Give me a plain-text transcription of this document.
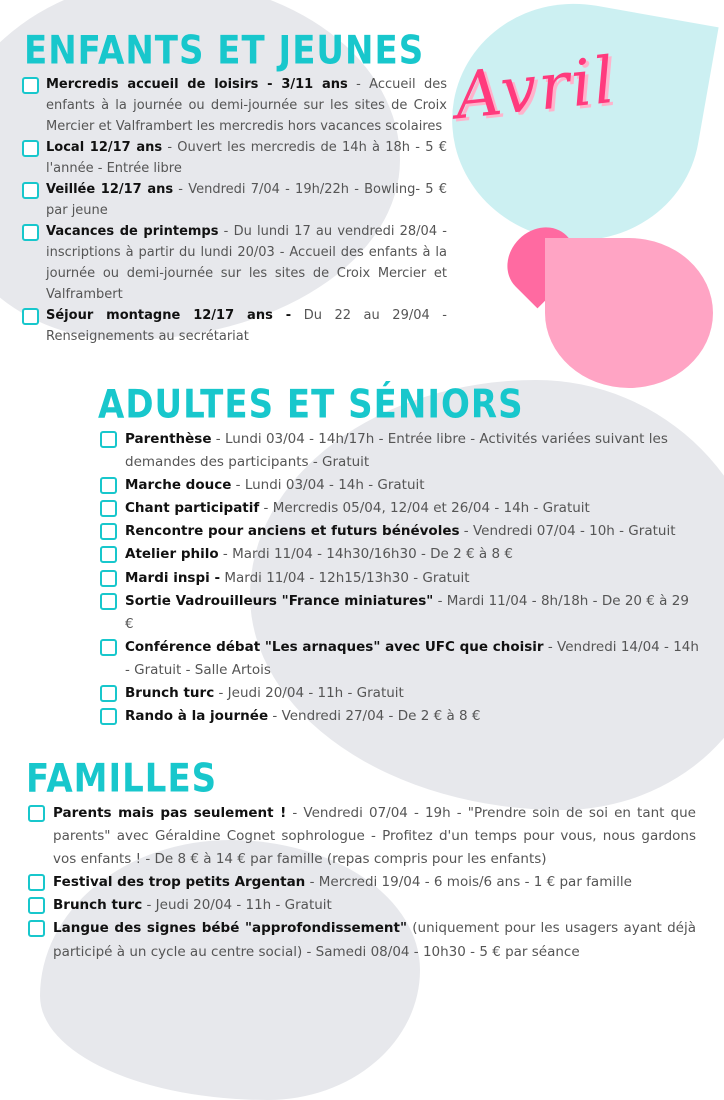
Avril
ENFANTS ET JEUNES
Mercredis accueil de loisirs - 3/11 ans - Accueil des enfants à la journée ou demi-journée sur les sites de Croix Mercier et Valframbert les mercredis hors vacances scolaires
Local 12/17 ans - Ouvert les mercredis de 14h à 18h - 5 € l'année - Entrée libre
Veillée 12/17 ans - Vendredi 7/04 - 19h/22h - Bowling- 5 € par jeune
Vacances de printemps - Du lundi 17 au vendredi 28/04 - inscriptions à partir du lundi 20/03 - Accueil des enfants à la journée ou demi-journée sur les sites de Croix Mercier et Valframbert
Séjour montagne 12/17 ans - Du 22 au 29/04 - Renseignements au secrétariat
ADULTES ET SÉNIORS
Parenthèse - Lundi 03/04 - 14h/17h - Entrée libre - Activités variées suivant les demandes des participants - Gratuit
Marche douce - Lundi 03/04 - 14h - Gratuit
Chant participatif - Mercredis 05/04, 12/04 et 26/04 - 14h - Gratuit
Rencontre pour anciens et futurs bénévoles - Vendredi 07/04 - 10h - Gratuit
Atelier philo - Mardi 11/04 - 14h30/16h30 - De 2 € à 8 €
Mardi inspi - Mardi 11/04 - 12h15/13h30 - Gratuit
Sortie Vadrouilleurs "France miniatures" - Mardi 11/04 - 8h/18h - De 20 € à 29 €
Conférence débat "Les arnaques" avec UFC que choisir - Vendredi 14/04 - 14h - Gratuit - Salle Artois
Brunch turc - Jeudi 20/04 - 11h - Gratuit
Rando à la journée - Vendredi 27/04 - De 2 € à 8 €
FAMILLES
Parents mais pas seulement ! - Vendredi 07/04 - 19h - "Prendre soin de soi en tant que parents" avec Géraldine Cognet sophrologue - Profitez d'un temps pour vous, nous gardons vos enfants ! - De 8 € à 14 € par famille (repas compris pour les enfants)
Festival des trop petits Argentan - Mercredi 19/04 - 6 mois/6 ans - 1 € par famille
Brunch turc - Jeudi 20/04 - 11h - Gratuit
Langue des signes bébé "approfondissement" (uniquement pour les usagers ayant déjà participé à un cycle au centre social) - Samedi 08/04 - 10h30 - 5 € par séance
